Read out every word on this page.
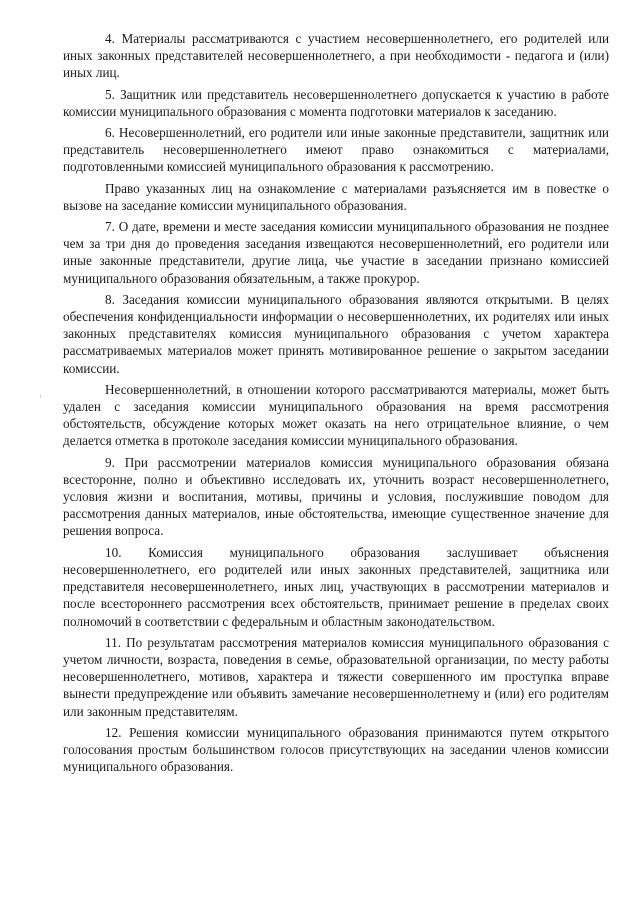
4. Материалы рассматриваются с участием несовершеннолетнего, его родителей или иных законных представителей несовершеннолетнего, а при необходимости - педагога и (или) иных лиц.

5. Защитник или представитель несовершеннолетнего допускается к участию в работе комиссии муниципального образования с момента подготовки материалов к заседанию.

6. Несовершеннолетний, его родители или иные законные представители, защитник или представитель несовершеннолетнего имеют право ознакомиться с материалами, подготовленными комиссией муниципального образования к рассмотрению.

Право указанных лиц на ознакомление с материалами разъясняется им в повестке о вызове на заседание комиссии муниципального образования.

7. О дате, времени и месте заседания комиссии муниципального образования не позднее чем за три дня до проведения заседания извещаются несовершеннолетний, его родители или иные законные представители, другие лица, чье участие в заседании признано комиссией муниципального образования обязательным, а также прокурор.

8. Заседания комиссии муниципального образования являются открытыми. В целях обеспечения конфиденциальности информации о несовершеннолетних, их родителях или иных законных представителях комиссия муниципального образования с учетом характера рассматриваемых материалов может принять мотивированное решение о закрытом заседании комиссии.

Несовершеннолетний, в отношении которого рассматриваются материалы, может быть удален с заседания комиссии муниципального образования на время рассмотрения обстоятельств, обсуждение которых может оказать на него отрицательное влияние, о чем делается отметка в протоколе заседания комиссии муниципального образования.

9. При рассмотрении материалов комиссия муниципального образования обязана всесторонне, полно и объективно исследовать их, уточнить возраст несовершеннолетнего, условия жизни и воспитания, мотивы, причины и условия, послужившие поводом для рассмотрения данных материалов, иные обстоятельства, имеющие существенное значение для решения вопроса.

10. Комиссия муниципального образования заслушивает объяснения несовершеннолетнего, его родителей или иных законных представителей, защитника или представителя несовершеннолетнего, иных лиц, участвующих в рассмотрении материалов и после всестороннего рассмотрения всех обстоятельств, принимает решение в пределах своих полномочий в соответствии с федеральным и областным законодательством.

11. По результатам рассмотрения материалов комиссия муниципального образования с учетом личности, возраста, поведения в семье, образовательной организации, по месту работы несовершеннолетнего, мотивов, характера и тяжести совершенного им проступка вправе вынести предупреждение или объявить замечание несовершеннолетнему и (или) его родителям или законным представителям.

12. Решения комиссии муниципального образования принимаются путем открытого голосования простым большинством голосов присутствующих на заседании членов комиссии муниципального образования.
